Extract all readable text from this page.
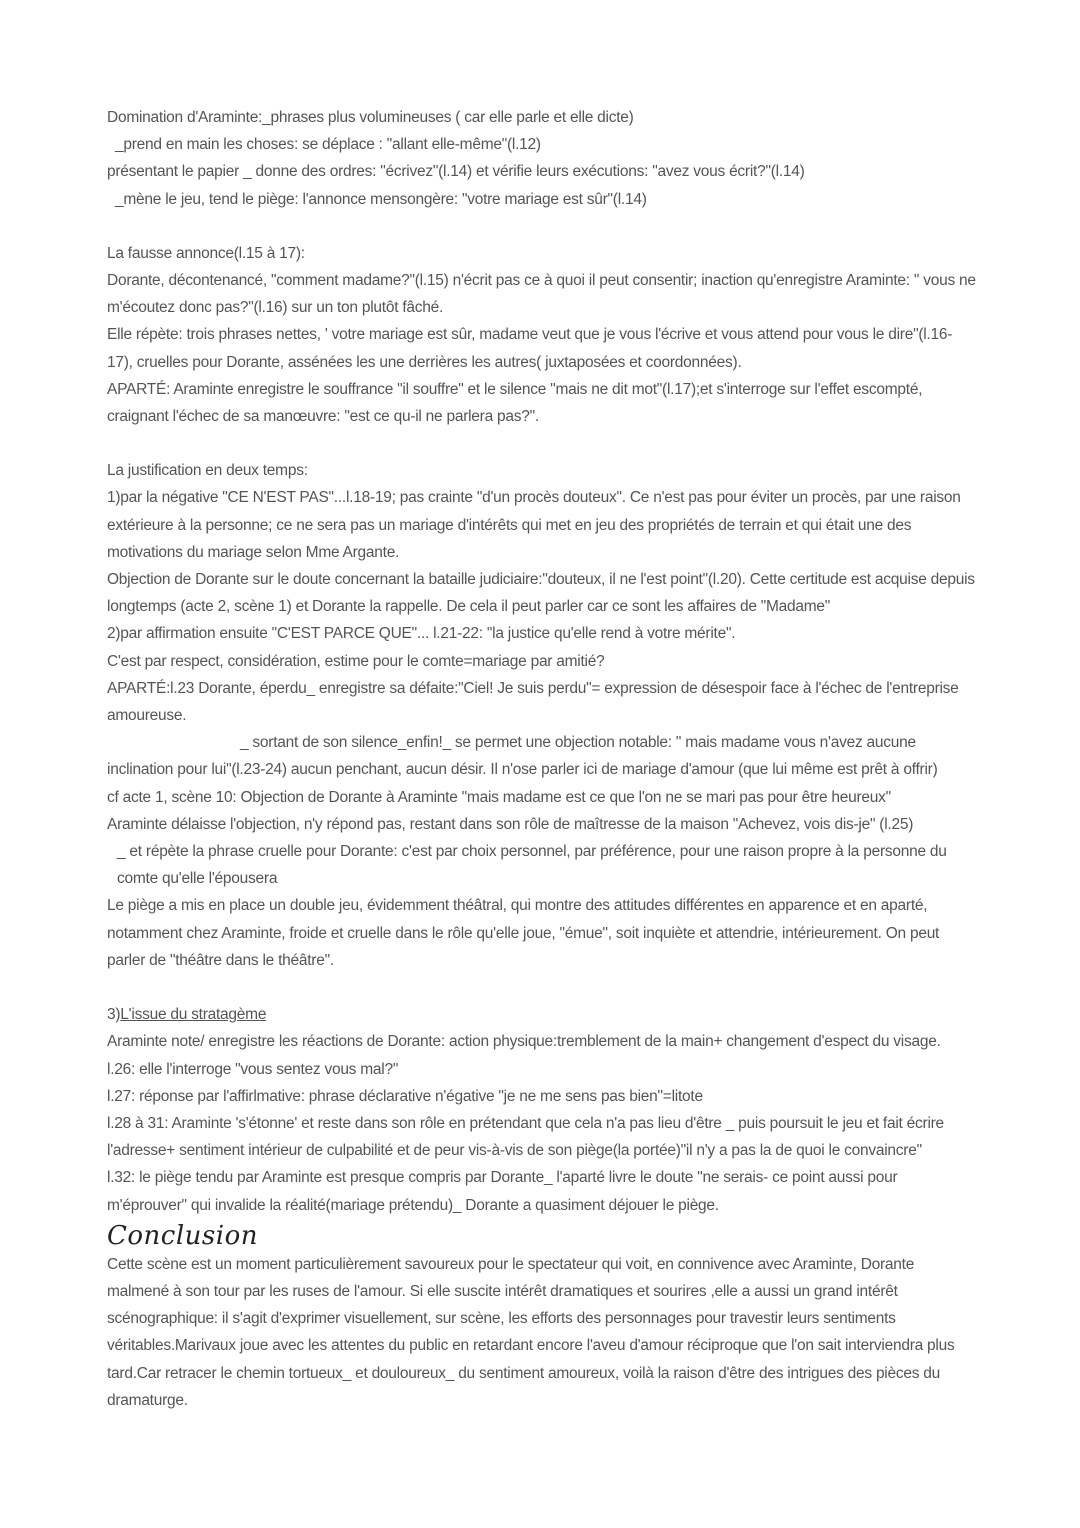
Domination d'Araminte:_phrases plus volumineuses ( car elle parle et elle dicte)
_prend en main les choses: se déplace : "allant elle-même"(l.12)
présentant le papier _ donne des ordres: "écrivez"(l.14) et vérifie leurs exécutions: "avez vous écrit?"(l.14)
_mène le jeu, tend le piège: l'annonce mensongère: "votre mariage est sûr"(l.14)
La fausse annonce(l.15 à 17):
Dorante, décontenancé, "comment madame?"(l.15) n'écrit pas ce à quoi il peut consentir; inaction qu'enregistre Araminte: " vous ne m'écoutez donc pas?"(l.16) sur un ton plutôt fâché.
Elle répète: trois phrases nettes, ' votre mariage est sûr, madame veut que je vous l'écrive et vous attend pour vous le dire"(l.16-17), cruelles pour Dorante, assénées les une derrières les autres( juxtaposées et coordonnées).
APARTÉ: Araminte enregistre le souffrance "il souffre" et le silence "mais ne dit mot"(l.17);et s'interroge sur l'effet escompté, craignant l'échec de sa manœuvre: "est ce qu-il ne parlera pas?".
La justification en deux temps:
1)par la négative "CE N'EST PAS"...l.18-19; pas crainte "d'un procès douteux". Ce n'est pas pour éviter un procès, par une raison extérieure à la personne; ce ne sera pas un mariage d'intérêts qui met en jeu des propriétés de terrain et qui était une des motivations du mariage selon Mme Argante.
Objection de Dorante sur le doute concernant la bataille judiciaire:"douteux, il ne l'est point"(l.20). Cette certitude est acquise depuis longtemps (acte 2, scène 1) et Dorante la rappelle. De cela il peut parler car ce sont les affaires de "Madame"
2)par affirmation ensuite "C'EST PARCE QUE"... l.21-22: "la justice qu'elle rend à votre mérite".
C'est par respect, considération, estime pour le comte=mariage par amitié?
APARTÉ:l.23 Dorante, éperdu_ enregistre sa défaite:"Ciel! Je suis perdu"= expression de désespoir face à l'échec de l'entreprise amoureuse.
_ sortant de son silence_enfin!_ se permet une objection notable: " mais madame vous n'avez aucune
inclination pour lui"(l.23-24) aucun penchant, aucun désir. Il n'ose parler ici de mariage d'amour (que lui même est prêt à offrir)
cf acte 1, scène 10: Objection de Dorante à Araminte "mais madame est ce que l'on ne se mari pas pour être heureux"
Araminte délaisse l'objection, n'y répond pas, restant dans son rôle de maîtresse de la maison "Achevez, vois dis-je" (l.25)
_ et répète la phrase cruelle pour Dorante: c'est par choix personnel, par préférence, pour une raison propre à la personne du comte qu'elle l'épousera
Le piège a mis en place un double jeu, évidemment théâtral, qui montre des attitudes différentes en apparence et en aparté, notamment chez Araminte, froide et cruelle dans le rôle qu'elle joue, "émue", soit inquiète et attendrie, intérieurement. On peut parler de "théâtre dans le théâtre".
3)L'issue du stratagème
Araminte note/ enregistre les réactions de Dorante: action physique:tremblement de la main+ changement d'espect du visage.
l.26: elle l'interroge "vous sentez vous mal?"
l.27: réponse par l'affirlmative: phrase déclarative n'égative "je ne me sens pas bien"=litote
l.28 à 31: Araminte 's'étonne' et reste dans son rôle en prétendant que cela n'a pas lieu d'être _ puis poursuit le jeu et fait écrire l'adresse+ sentiment intérieur de culpabilité et de peur vis-à-vis de son piège(la portée)"il n'y a pas la de quoi le convaincre"
l.32: le piège tendu par Araminte est presque compris par Dorante_ l'aparté livre le doute "ne serais- ce point aussi pour m'éprouver" qui invalide la réalité(mariage prétendu)_ Dorante a quasiment déjouer le piège.
Conclusion
Cette scène est un moment particulièrement savoureux pour le spectateur qui voit, en connivence avec Araminte, Dorante malmené à son tour par les ruses de l'amour. Si elle suscite intérêt dramatiques et sourires ,elle a aussi un grand intérêt scénographique: il s'agit d'exprimer visuellement, sur scène, les efforts des personnages pour travestir leurs sentiments véritables.Marivaux joue avec les attentes du public en retardant encore l'aveu d'amour réciproque que l'on sait interviendra plus tard.Car retracer le chemin tortueux_ et douloureux_ du sentiment amoureux, voilà la raison d'être des intrigues des pièces du dramaturge.
